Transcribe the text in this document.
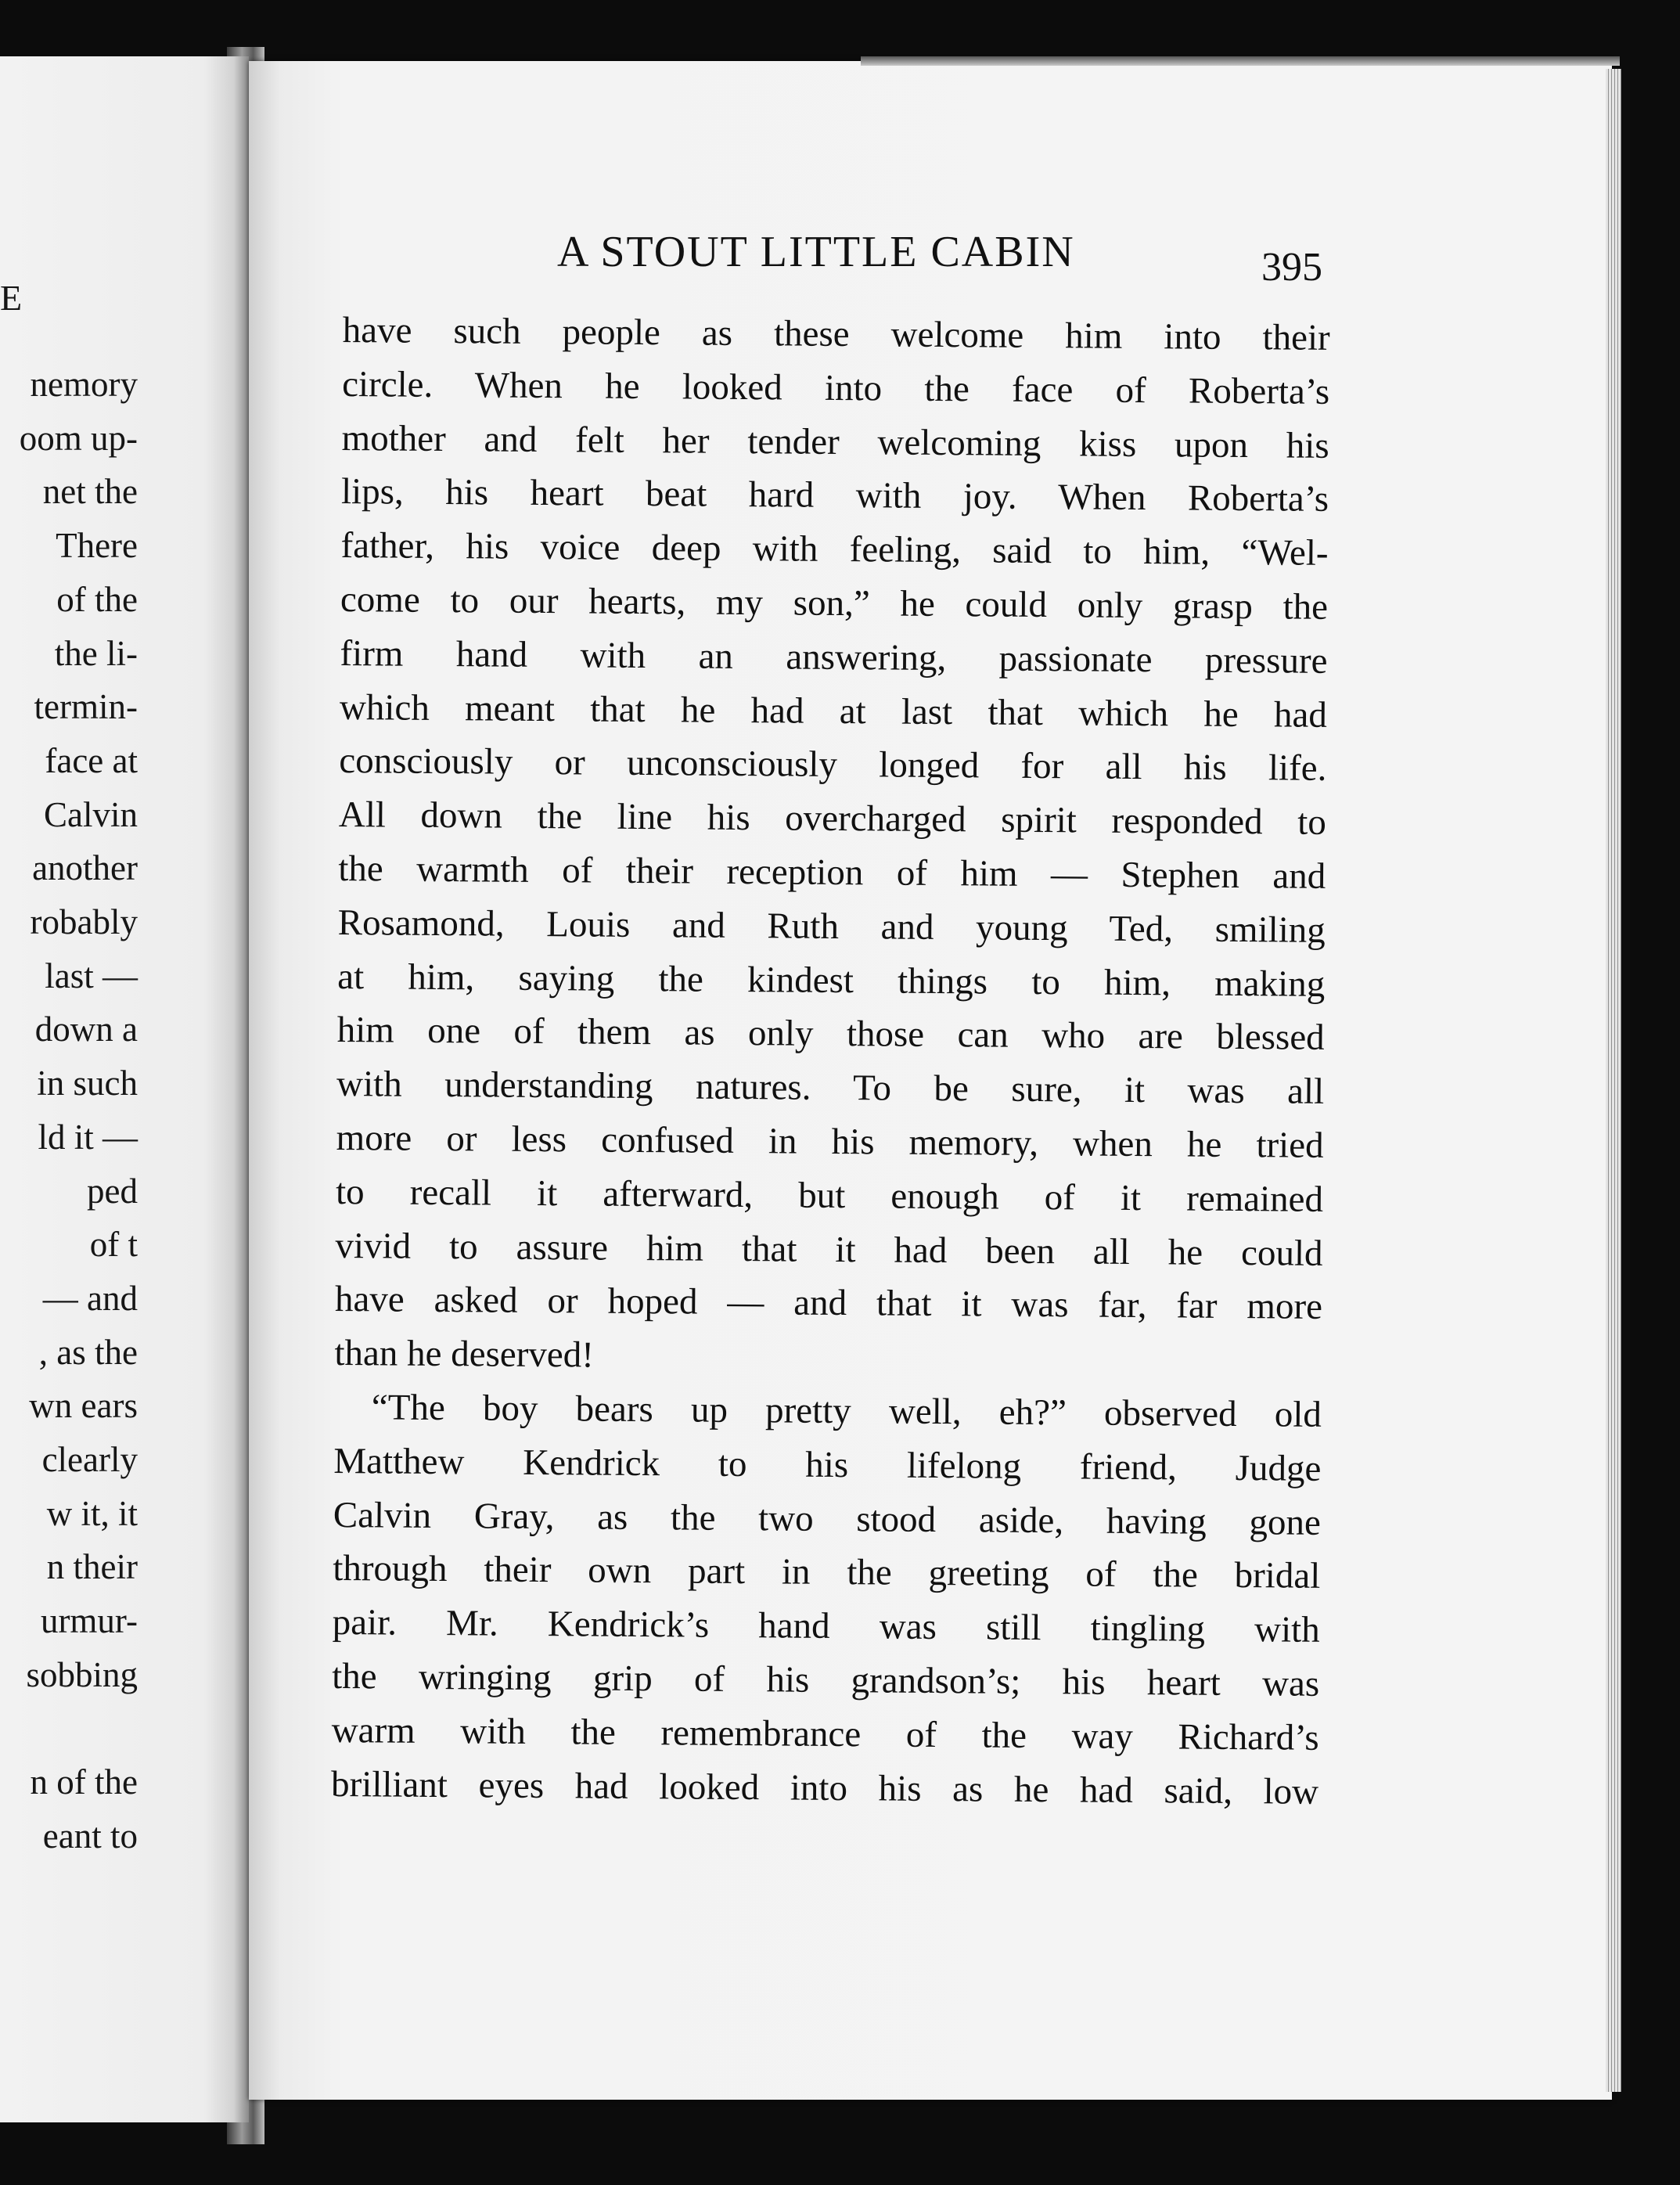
E
nemory
oom up-
net the
There
of the
the li-
termin-
face at
Calvin
another
robably
last —
down a
in such
ld it —
ped
of t
— and
, as the
wn ears
clearly
w it, it
n their
urmur-
sobbing

n of the
eant to
A STOUT LITTLE CABIN	395
have such people as these welcome him into their
circle. When he looked into the face of Roberta’s
mother and felt her tender welcoming kiss upon his
lips, his heart beat hard with joy. When Roberta’s
father, his voice deep with feeling, said to him, “Wel-
come to our hearts, my son,” he could only grasp the
firm hand with an answering, passionate pressure
which meant that he had at last that which he had
consciously or unconsciously longed for all his life.
All down the line his overcharged spirit responded to
the warmth of their reception of him — Stephen and
Rosamond, Louis and Ruth and young Ted, smiling
at him, saying the kindest things to him, making
him one of them as only those can who are blessed
with understanding natures. To be sure, it was all
more or less confused in his memory, when he tried
to recall it afterward, but enough of it remained
vivid to assure him that it had been all he could
have asked or hoped — and that it was far, far more
than he deserved!
“The boy bears up pretty well, eh?” observed old
Matthew Kendrick to his lifelong friend, Judge
Calvin Gray, as the two stood aside, having gone
through their own part in the greeting of the bridal
pair. Mr. Kendrick’s hand was still tingling with
the wringing grip of his grandson’s; his heart was
warm with the remembrance of the way Richard’s
brilliant eyes had looked into his as he had said, low
